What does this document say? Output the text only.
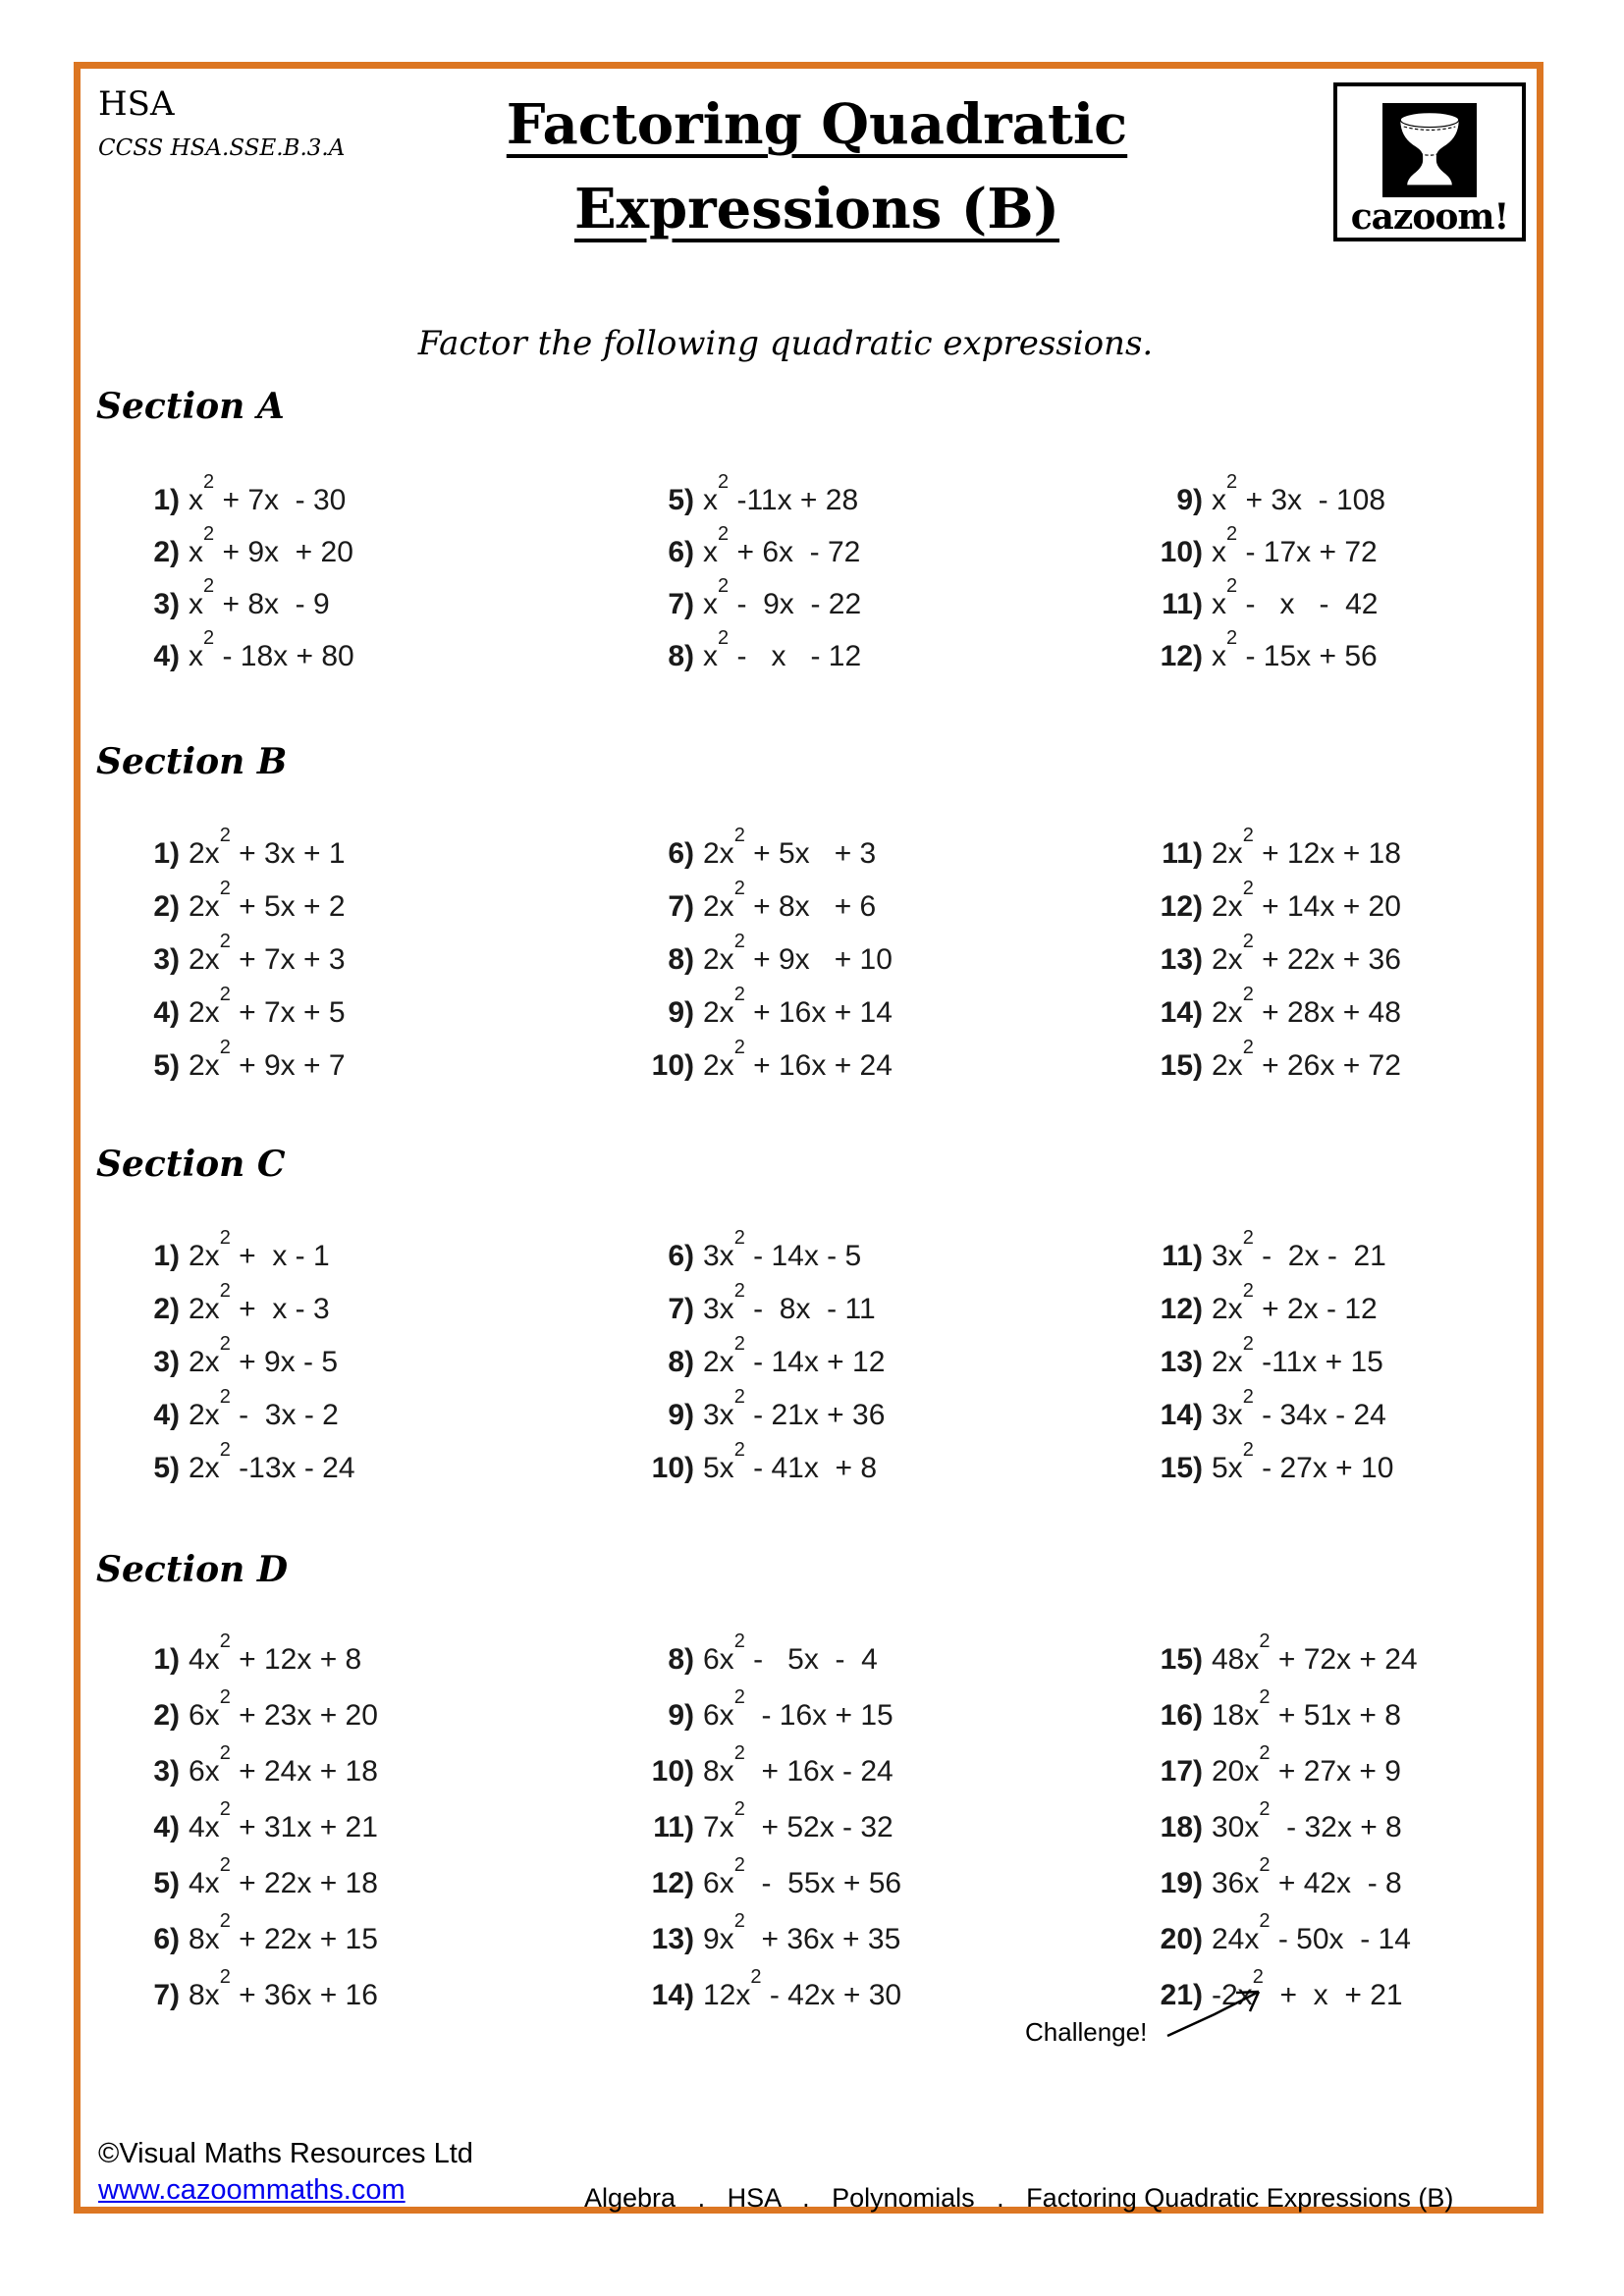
HSA
CCSS HSA.SSE.B.3.A	Factoring Quadratic
Expressions (B)	cazoom!
Factor the following quadratic expressions.
Section A
1) $x^2 + 7x - 30$
2) $x^2 + 9x + 20$
3) $x^2 + 8x - 9$
4) $x^2 - 18x + 80$
5) $x^2$ -11x + 28
6) $x^2 + 6x - 72$
7) $x^2 - 9x - 22$
8) $x^2$ -   x   - 12
9) $x^2 + 3x - 108$
10) $x^2 - 17x + 72$
11) $x^2$ -   x   -  42
12) $x^2 - 15x + 56$
Section B
1) $2x^2 + 3x + 1$
2) $2x^2 + 5x + 2$
3) $2x^2 + 7x + 3$
4) $2x^2 + 7x + 5$
5) $2x^2 + 9x + 7$
6) $2x^2 + 5x + 3$
7) $2x^2 + 8x + 6$
8) $2x^2 + 9x + 10$
9) $2x^2 + 16x + 14$
10) $2x^2 + 16x + 24$
11) $2x^2 + 12x + 18$
12) $2x^2 + 14x + 20$
13) $2x^2 + 22x + 36$
14) $2x^2 + 28x + 48$
15) $2x^2 + 26x + 72$
Section C
1) $2x^2 + x - 1$
2) $2x^2 + x - 3$
3) $2x^2 + 9x - 5$
4) $2x^2 - 3x - 2$
5) $2x^2$ -13x - 24
6) $3x^2 - 14x - 5$
7) $3x^2 - 8x - 11$
8) $2x^2 - 14x + 12$
9) $3x^2 - 21x + 36$
10) $5x^2 - 41x + 8$
11) $3x^2 - 2x - 21$
12) $2x^2 + 2x - 12$
13) $2x^2$ -11x + 15
14) $3x^2 - 34x - 24$
15) $5x^2 - 27x + 10$
Section D
1) $4x^2 + 12x + 8$
2) $6x^2 + 23x + 20$
3) $6x^2 + 24x + 18$
4) $4x^2 + 31x + 21$
5) $4x^2 + 22x + 18$
6) $8x^2 + 22x + 15$
7) $8x^2 + 36x + 16$
8) $6x^2 - 5x - 4$
9) $6x^2 - 16x + 15$
10) $8x^2 + 16x - 24$
11) $7x^2 + 52x - 32$
12) $6x^2 - 55x + 56$
13) $9x^2 + 36x + 35$
14) $12x^2 - 42x + 30$
15) $48x^2 + 72x + 24$
16) $18x^2 + 51x + 8$
17) $20x^2 + 27x + 9$
18) $30x^2 - 32x + 8$
19) $36x^2 + 42x - 8$
20) $24x^2 - 50x - 14$
21) $-2x^2 + x + 21$
Challenge!
©Visual Maths Resources Ltd
www.cazoommaths.com	Algebra   .   HSA   .   Polynomials   .   Factoring Quadratic Expressions (B)
